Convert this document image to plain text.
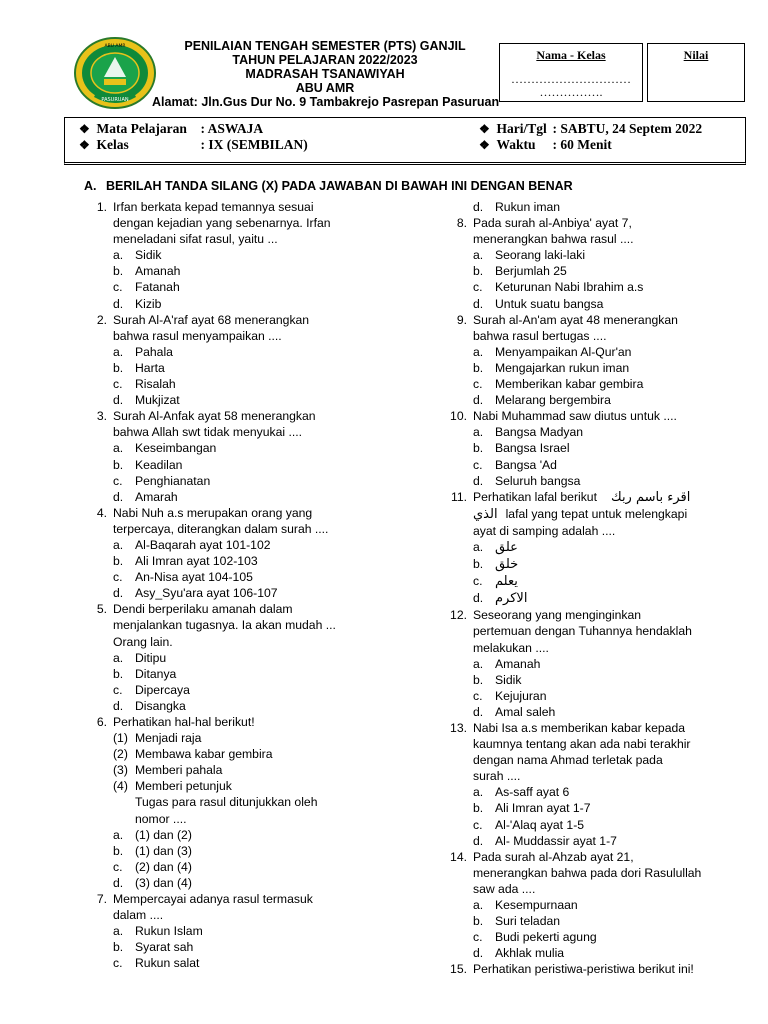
PASURUAN
ABU AMR	PENILAIAN TENGAH SEMESTER (PTS) GANJIL
TAHUN PELAJARAN 2022/2023
MADRASAH TSANAWIYAH
ABU AMR
Alamat: Jln.Gus Dur No. 9 Tambakrejo Pasrepan Pasuruan
Nama - Kelas
…………………………
…………….
Nilai
❖ Mata Pelajaran : ASWAJA
❖ Kelas	: IX (SEMBILAN)
❖ Hari/Tgl : SABTU, 24 Septem 2022
❖ Waktu : 60 Menit
A. BERILAH TANDA SILANG (X) PADA JAWABAN DI BAWAH INI DENGAN BENAR
1. Irfan berkata kepad temannya sesuai
dengan kejadian yang sebenarnya. Irfan
meneladani sifat rasul, yaitu ...
a. Sidik
b. Amanah
c. Fatanah
d. Kizib
2. Surah Al-A'raf ayat 68 menerangkan
bahwa rasul menyampaikan ....
a. Pahala
b. Harta
c. Risalah
d. Mukjizat
3. Surah Al-Anfak ayat 58 menerangkan
bahwa Allah swt tidak menyukai ....
a. Keseimbangan
b. Keadilan
c. Penghianatan
d. Amarah
4. Nabi Nuh a.s merupakan orang yang
terpercaya, diterangkan dalam surah ....
a. Al-Baqarah ayat 101-102
b. Ali Imran ayat 102-103
c. An-Nisa ayat 104-105
d. Asy_Syu'ara ayat 106-107
5. Dendi berperilaku amanah dalam
menjalankan tugasnya. Ia akan mudah ...
Orang lain.
a. Ditipu
b. Ditanya
c. Dipercaya
d. Disangka
6. Perhatikan hal-hal berikut!
(1) Menjadi raja
(2) Membawa kabar gembira
(3) Memberi pahala
(4) Memberi petunjuk
Tugas para rasul ditunjukkan oleh
nomor ....
a. (1) dan (2)
b. (1) dan (3)
c. (2) dan (4)
d. (3) dan (4)
7. Mempercayai adanya rasul termasuk
dalam ....
a. Rukun Islam
b. Syarat sah
c. Rukun salat
d. Rukun iman
8. Pada surah al-Anbiya' ayat 7,
menerangkan bahwa rasul ....
a. Seorang laki-laki
b. Berjumlah 25
c. Keturunan Nabi Ibrahim a.s
d. Untuk suatu bangsa
9. Surah al-An'am ayat 48 menerangkan
bahwa rasul bertugas ....
a. Menyampaikan Al-Qur'an
b. Mengajarkan rukun iman
c. Memberikan kabar gembira
d. Melarang bergembira
10. Nabi Muhammad saw diutus untuk ....
a. Bangsa Madyan
b. Bangsa Israel
c. Bangsa 'Ad
d. Seluruh bangsa
11. Perhatikan lafal berikut اقرء باسم ربك
الذي lafal yang tepat untuk melengkapi
ayat di samping adalah ....
a. علق
b. خلق
c. يعلم
d. الاكرم
12. Seseorang yang menginginkan
pertemuan dengan Tuhannya hendaklah
melakukan ....
a. Amanah
b. Sidik
c. Kejujuran
d. Amal saleh
13. Nabi Isa a.s memberikan kabar kepada
kaumnya tentang akan ada nabi terakhir
dengan nama Ahmad terletak pada
surah ....
a. As-saff ayat 6
b. Ali Imran ayat 1-7
c. Al-'Alaq ayat 1-5
d. Al- Muddassir ayat 1-7
14. Pada surah al-Ahzab ayat 21,
menerangkan bahwa pada dori Rasulullah
saw ada ....
a. Kesempurnaan
b. Suri teladan
c. Budi pekerti agung
d. Akhlak mulia
15. Perhatikan peristiwa-peristiwa berikut ini!
